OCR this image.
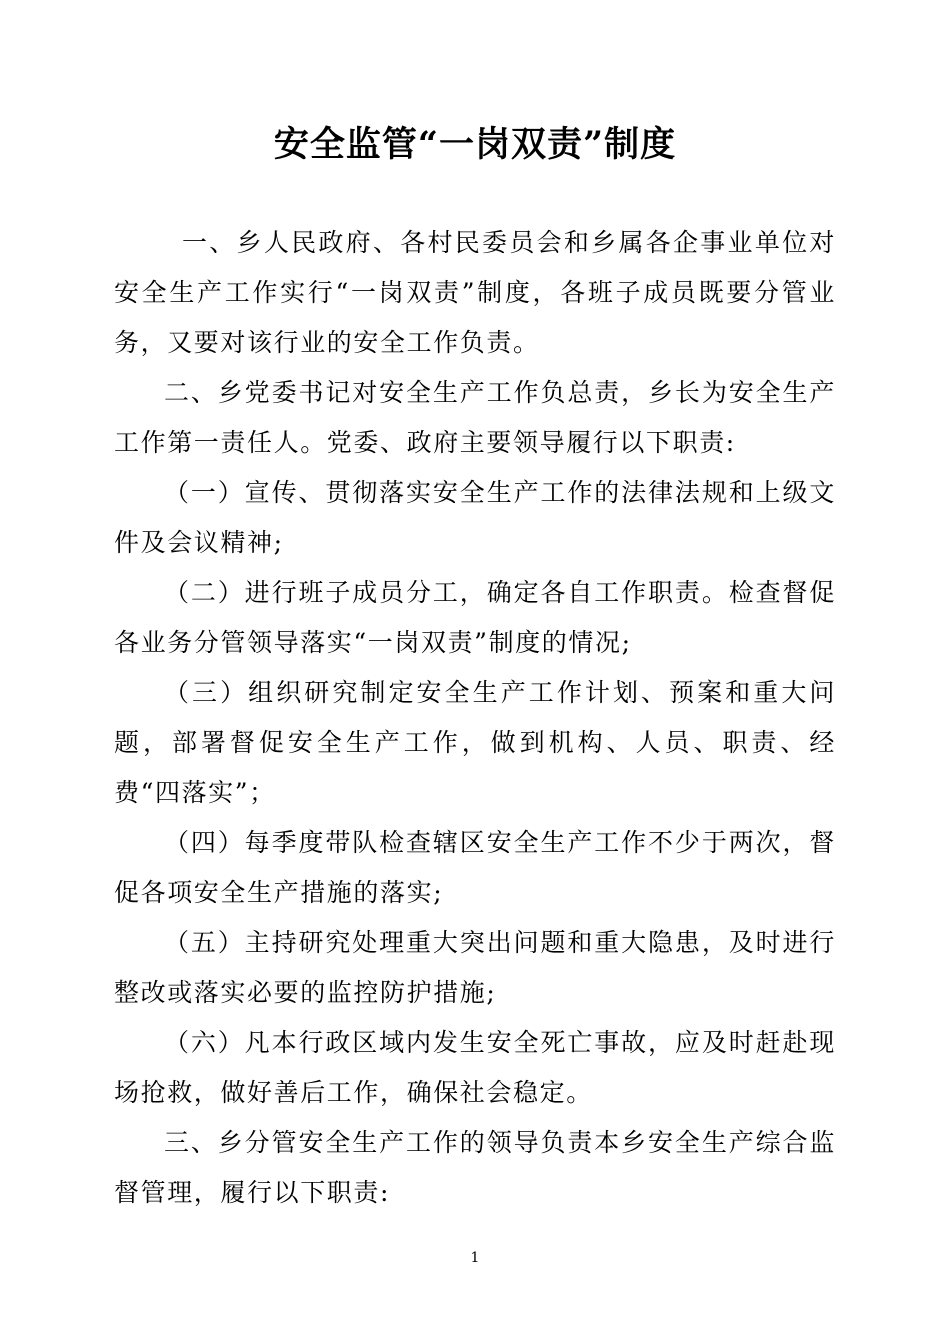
安全监管“一岗双责”制度

一、乡人民政府、各村民委员会和乡属各企事业单位对安全生产工作实行“一岗双责”制度，各班子成员既要分管业务，又要对该行业的安全工作负责。

二、乡党委书记对安全生产工作负总责，乡长为安全生产工作第一责任人。党委、政府主要领导履行以下职责:

（一）宣传、贯彻落实安全生产工作的法律法规和上级文件及会议精神;

（二）进行班子成员分工，确定各自工作职责。检查督促各业务分管领导落实“一岗双责”制度的情况;

（三）组织研究制定安全生产工作计划、预案和重大问题，部署督促安全生产工作，做到机构、人员、职责、经费“四落实”；

（四）每季度带队检查辖区安全生产工作不少于两次，督促各项安全生产措施的落实;

（五）主持研究处理重大突出问题和重大隐患，及时进行整改或落实必要的监控防护措施;

（六）凡本行政区域内发生安全死亡事故，应及时赶赴现场抢救，做好善后工作，确保社会稳定。

三、乡分管安全生产工作的领导负责本乡安全生产综合监督管理，履行以下职责:

1
